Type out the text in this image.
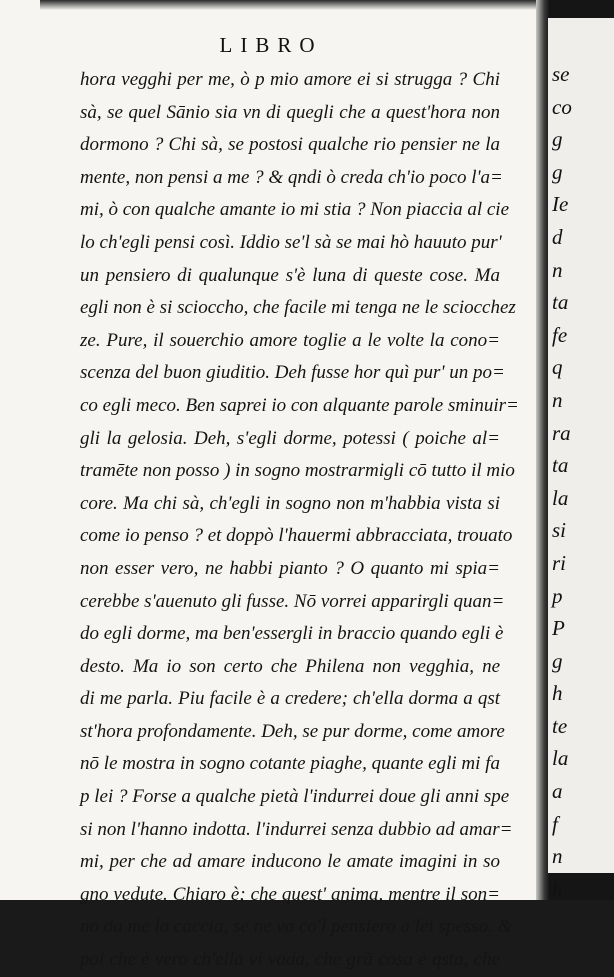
LIBRO
hora vegghi per me, ò p mio amore ei si strugga ? Chi
sà, se quel Sānio sia vn di quegli che a quest'hora non
dormono ? Chi sà, se postosi qualche rio pensier ne la
mente, non pensi a me ? & qndi ò creda ch'io poco l'a=
mi, ò con qualche amante io mi stia ? Non piaccia al cie
lo ch'egli pensi così. Iddio se'l sà se mai hò hauuto pur'
un pensiero di qualunque s'è luna di queste cose. Ma
egli non è si scioccho, che facile mi tenga ne le sciocchez
ze. Pure, il souerchio amore toglie a le volte la cono=
scenza del buon giuditio. Deh fusse hor quì pur' un po=
co egli meco. Ben saprei io con alquante parole sminuir=
gli la gelosia. Deh, s'egli dorme, potessi ( poiche al=
tramēte non posso ) in sogno mostrarmigli cō tutto il mio
core. Ma chi sà, ch'egli in sogno non m'habbia vista si
come io penso ? et doppò l'hauermi abbracciata, trouato
non esser vero, ne habbi pianto ? O quanto mi spia=
cerebbe s'auenuto gli fusse. Nō vorrei apparirgli quan=
do egli dorme, ma ben'essergli in braccio quando egli è
desto. Ma io son certo che Philena non vegghia, ne
di me parla. Piu facile è a credere; ch'ella dorma a qst
st'hora profondamente. Deh, se pur dorme, come amore
nō le mostra in sogno cotante piaghe, quante egli mi fa
p lei ? Forse a qualche pietà l'indurrei doue gli anni spe
si non l'hanno indotta. l'indurrei senza dubbio ad amar=
mi, per che ad amare inducono le amate imagini in so
gno vedute. Chiaro è; che quest' anima, mentre il son=
no da me la caccia, se ne va co'l pensiero a lei spesso. &
poi che è vero ch'ella vi vada, che grā cosa è qsta, che
se
co
g
g
Ie
d
n
ta
fe
q
n
ra
ta
la
si
ri
p
P
g
h
te
la
a
f
n
h
